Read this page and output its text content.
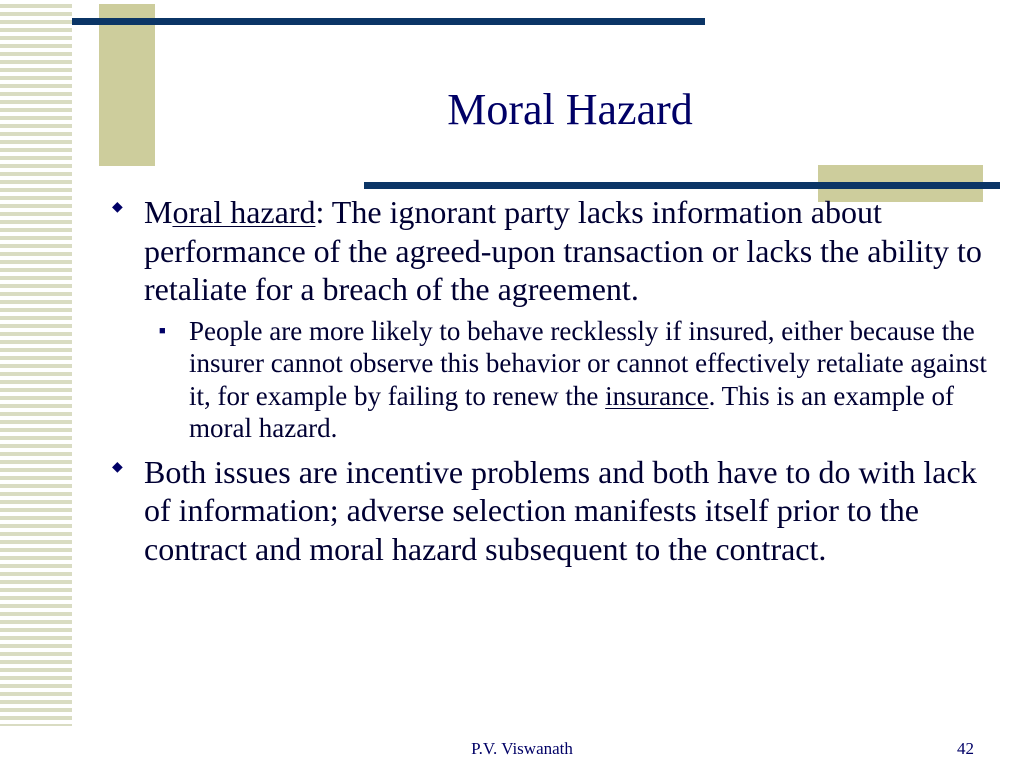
Moral Hazard
◆ Moral hazard: The ignorant party lacks information about performance of the agreed-upon transaction or lacks the ability to retaliate for a breach of the agreement.
■ People are more likely to behave recklessly if insured, either because the insurer cannot observe this behavior or cannot effectively retaliate against it, for example by failing to renew the insurance. This is an example of moral hazard.
◆ Both issues are incentive problems and both have to do with lack of information; adverse selection manifests itself prior to the contract and moral hazard subsequent to the contract.
P.V. Viswanath	42
